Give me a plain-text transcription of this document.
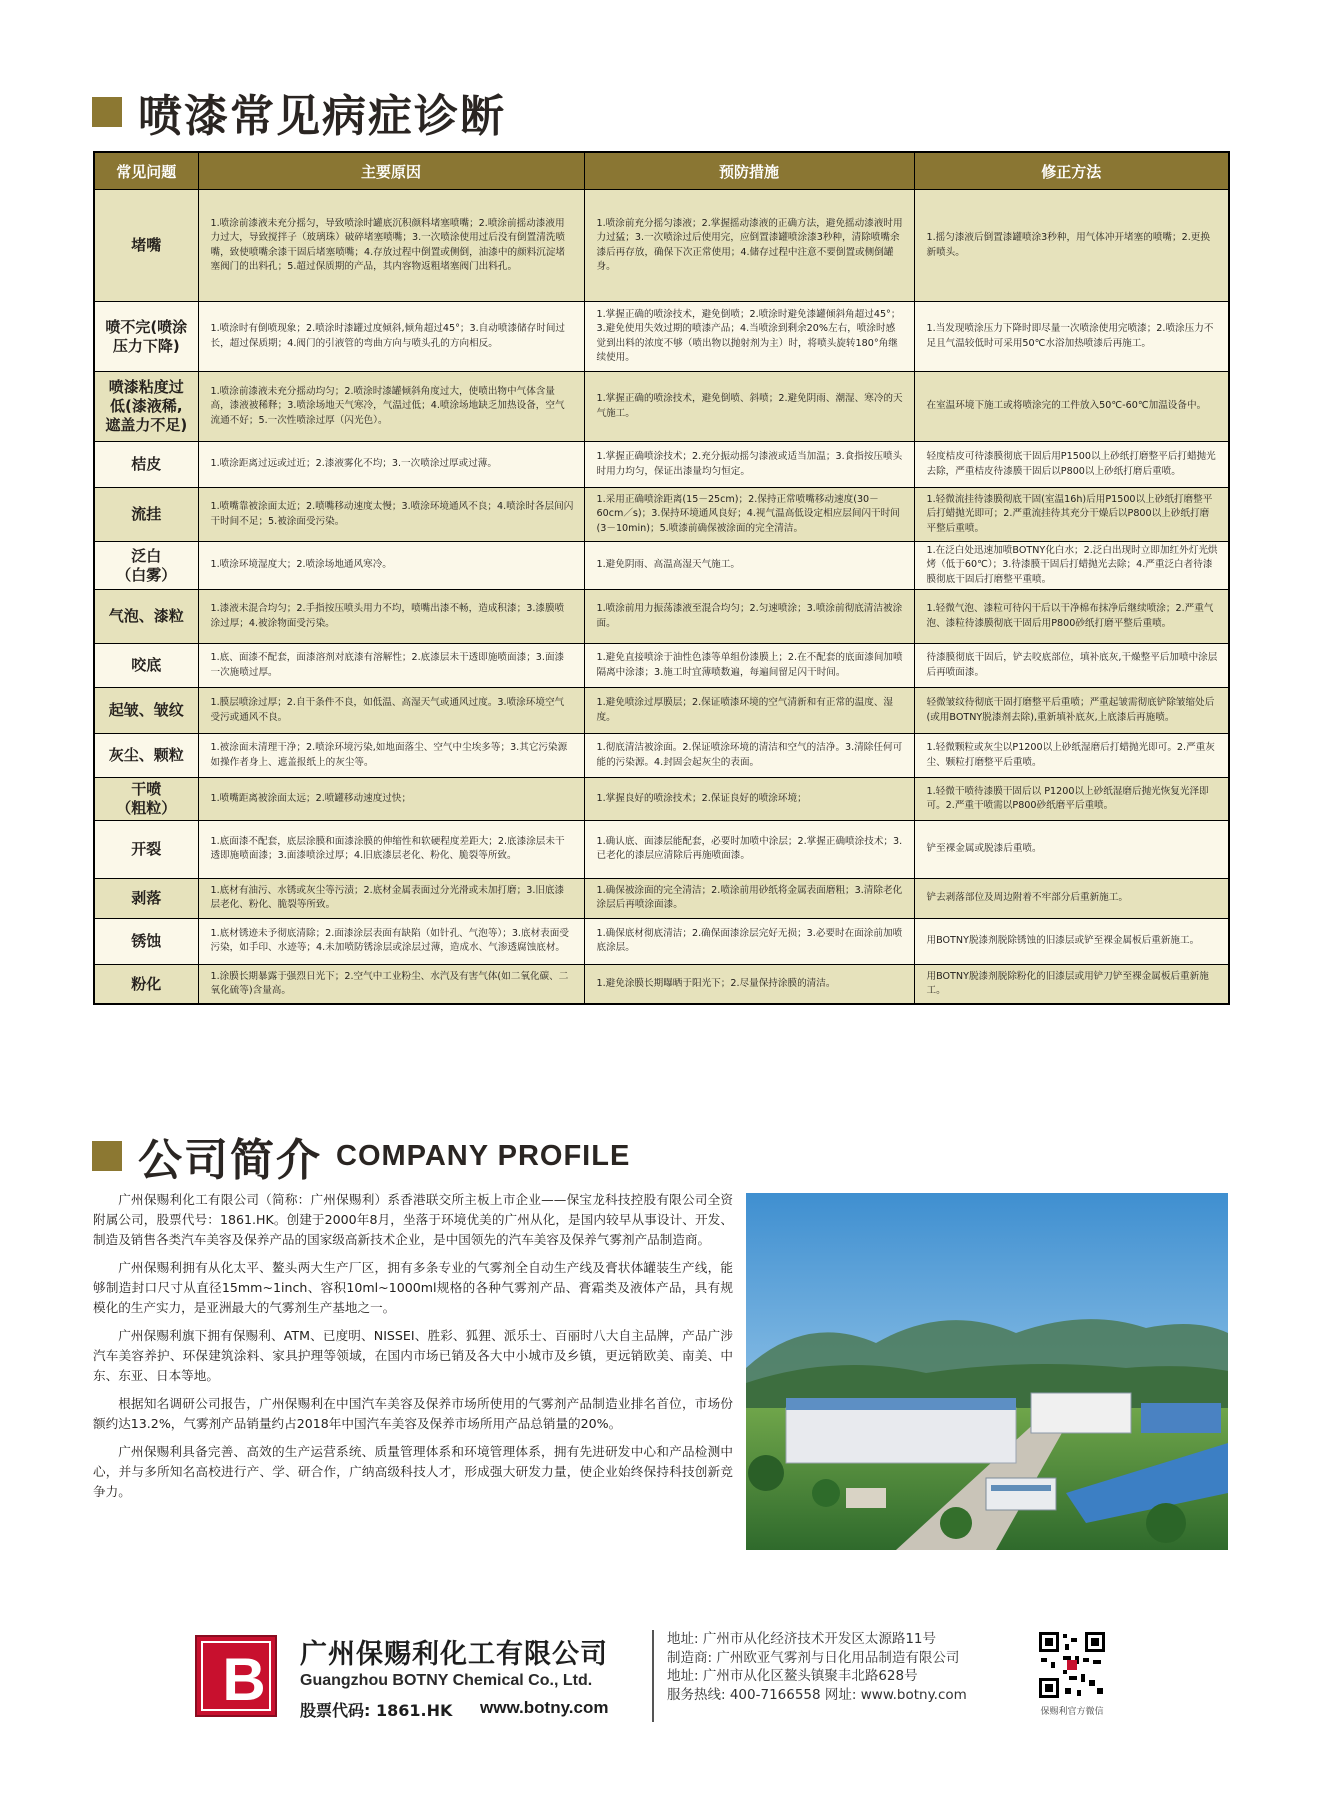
喷漆常见病症诊断
常见问题	主要原因	预防措施	修正方法
堵嘴	1.喷涂前漆液未充分摇匀，导致喷涂时罐底沉积颜料堵塞喷嘴；2.喷涂前摇动漆液用力过大，导致搅拌子（玻璃珠）破碎堵塞喷嘴；3.一次喷涂使用过后没有倒置清洗喷嘴，致使喷嘴余漆干固后堵塞喷嘴；4.存放过程中倒置或侧倒，油漆中的颜料沉淀堵塞阀门的出料孔；5.超过保质期的产品，其内容物返粗堵塞阀门出料孔。	1.喷涂前充分摇匀漆液；2.掌握摇动漆液的正确方法，避免摇动漆液时用力过猛；3.一次喷涂过后使用完，应倒置漆罐喷涂漆3秒种，清除喷嘴余漆后再存放，确保下次正常使用；4.储存过程中注意不要倒置或侧倒罐身。	1.摇匀漆液后倒置漆罐喷涂3秒种，用气体冲开堵塞的喷嘴；2.更换新喷头。
喷不完(喷涂
压力下降)	1.喷涂时有倒喷现象；2.喷涂时漆罐过度倾斜,倾角超过45°；3.自动喷漆储存时间过长，超过保质期；4.阀门的引液管的弯曲方向与喷头孔的方向相反。	1.掌握正确的喷涂技术，避免倒喷；2.喷涂时避免漆罐倾斜角超过45°；3.避免使用失效过期的喷漆产品；4.当喷涂到剩余20%左右，喷涂时感觉到出料的浓度不够（喷出物以抛射剂为主）时，将喷头旋转180°角继续使用。	1.当发现喷涂压力下降时即尽量一次喷涂使用完喷漆；2.喷涂压力不足且气温较低时可采用50℃水浴加热喷漆后再施工。
喷漆粘度过
低(漆液稀,
遮盖力不足)	1.喷涂前漆液未充分摇动均匀；2.喷涂时漆罐倾斜角度过大，使喷出物中气体含量高，漆液被稀释；3.喷涂场地天气寒冷，气温过低；4.喷涂场地缺乏加热设备，空气流通不好；5.一次性喷涂过厚（闪光色）。	1.掌握正确的喷涂技术，避免倒喷、斜喷；2.避免阴雨、潮湿、寒冷的天气施工。	在室温环境下施工或将喷涂完的工件放入50℃-60℃加温设备中。
桔皮	1.喷涂距离过远或过近；2.漆液雾化不均；3.一次喷涂过厚或过薄。	1.掌握正确喷涂技术；2.充分振动摇匀漆液或适当加温；3.食指按压喷头时用力均匀，保证出漆量均匀恒定。	轻度桔皮可待漆膜彻底干固后用P1500以上砂纸打磨整平后打蜡抛光去除，严重桔皮待漆膜干固后以P800以上砂纸打磨后重喷。
流挂	1.喷嘴靠被涂面太近；2.喷嘴移动速度太慢；3.喷涂环境通风不良；4.喷涂时各层间闪干时间不足；5.被涂面受污染。	1.采用正确喷涂距离(15－25cm)；2.保持正常喷嘴移动速度(30－60cm／s)；3.保持环境通风良好；4.视气温高低设定相应层间闪干时间(3－10min)；5.喷漆前确保被涂面的完全清洁。	1.轻微流挂待漆膜彻底干固(室温16h)后用P1500以上砂纸打磨整平后打蜡抛光即可；2.严重流挂待其充分干燥后以P800以上砂纸打磨平整后重喷。
泛白
（白雾）	1.喷涂环境湿度大；2.喷涂场地通风寒冷。	1.避免阴雨、高温高湿天气施工。	1.在泛白处迅速加喷BOTNY化白水；2.泛白出现时立即加红外灯光烘烤（低于60℃）；3.待漆膜干固后打蜡抛光去除；4.严重泛白者待漆膜彻底干固后打磨整平重喷。
气泡、漆粒	1.漆液未混合均匀；2.手指按压喷头用力不均，喷嘴出漆不畅，造成积漆；3.漆膜喷涂过厚；4.被涂物面受污染。	1.喷涂前用力振荡漆液至混合均匀；2.匀速喷涂；3.喷涂前彻底清洁被涂面。	1.轻微气泡、漆粒可待闪干后以干净棉布抹净后继续喷涂；2.严重气泡、漆粒待漆膜彻底干固后用P800砂纸打磨平整后重喷。
咬底	1.底、面漆不配套，面漆溶剂对底漆有溶解性；2.底漆层未干透即施喷面漆；3.面漆一次施喷过厚。	1.避免直接喷涂于油性色漆等单组份漆膜上；2.在不配套的底面漆间加喷隔离中涂漆；3.施工时宜薄喷数遍，每遍间留足闪干时间。	待漆膜彻底干固后，铲去咬底部位，填补底灰,干燥整平后加喷中涂层后再喷面漆。
起皱、皱纹	1.膜层喷涂过厚；2.自干条件不良，如低温、高湿天气或通风过度。3.喷涂环境空气受污或通风不良。	1.避免喷涂过厚膜层；2.保证喷漆环境的空气清新和有正常的温度、湿度。	轻微皱纹待彻底干固打磨整平后重喷；严重起皱需彻底铲除皱缩处后(或用BOTNY脱漆剂去除),重新填补底灰,上底漆后再施喷。
灰尘、颗粒	1.被涂面未清理干净；2.喷涂环境污染,如地面落尘、空气中尘埃多等；3.其它污染源如操作者身上、遮盖报纸上的灰尘等。	1.彻底清洁被涂面。2.保证喷涂环境的清洁和空气的洁净。3.清除任何可能的污染源。4.封固会起灰尘的表面。	1.轻微颗粒或灰尘以P1200以上砂纸湿磨后打蜡抛光即可。2.严重灰尘、颗粒打磨整平后重喷。
干喷
（粗粒）	1.喷嘴距离被涂面太远；2.喷罐移动速度过快；	1.掌握良好的喷涂技术；2.保证良好的喷涂环境；	1.轻微干喷待漆膜干固后以 P1200以上砂纸湿磨后抛光恢复光泽即可。2.严重干喷需以P800砂纸磨平后重喷。
开裂	1.底面漆不配套，底层涂膜和面漆涂膜的伸缩性和软硬程度差距大；2.底漆涂层未干透即施喷面漆；3.面漆喷涂过厚；4.旧底漆层老化、粉化、脆裂等所致。	1.确认底、面漆层能配套，必要时加喷中涂层；2.掌握正确喷涂技术；3.已老化的漆层应清除后再施喷面漆。	铲至裸金属或脱漆后重喷。
剥落	1.底材有油污、水锈或灰尘等污渍；2.底材金属表面过分光滑或未加打磨；3.旧底漆层老化、粉化、脆裂等所致。	1.确保被涂面的完全清洁；2.喷涂前用砂纸将金属表面磨粗；3.清除老化涂层后再喷涂面漆。	铲去剥落部位及周边附着不牢部分后重新施工。
锈蚀	1.底材锈迹未予彻底清除；2.面漆涂层表面有缺陷（如针孔、气泡等）；3.底材表面受污染，如手印、水迹等；4.未加喷防锈涂层或涂层过薄，造成水、气渗透腐蚀底材。	1.确保底材彻底清洁；2.确保面漆涂层完好无损；3.必要时在面涂前加喷底涂层。	用BOTNY脱漆剂脱除锈蚀的旧漆层或铲至裸金属板后重新施工。
粉化	1.涂膜长期暴露于强烈日光下；2.空气中工业粉尘、水汽及有害气体(如二氧化碳、二氧化硫等)含量高。	1.避免涂膜长期曝晒于阳光下；2.尽量保持涂膜的清洁。	用BOTNY脱漆剂脱除粉化的旧漆层或用铲刀铲至裸金属板后重新施工。
公司简介 COMPANY PROFILE

广州保赐利化工有限公司（简称：广州保赐利）系香港联交所主板上市企业——保宝龙科技控股有限公司全资附属公司，股票代号：1861.HK。创建于2000年8月，坐落于环境优美的广州从化，是国内较早从事设计、开发、制造及销售各类汽车美容及保养产品的国家级高新技术企业，是中国领先的汽车美容及保养气雾剂产品制造商。

广州保赐利拥有从化太平、鳌头两大生产厂区，拥有多条专业的气雾剂全自动生产线及膏状体罐装生产线，能够制造封口尺寸从直径15mm~1inch、容积10ml~1000ml规格的各种气雾剂产品、膏霜类及液体产品，具有规模化的生产实力，是亚洲最大的气雾剂生产基地之一。

广州保赐利旗下拥有保赐利、ATM、已度明、NISSEI、胜彩、狐狸、派乐士、百丽时八大自主品牌，产品广涉汽车美容养护、环保建筑涂料、家具护理等领域，在国内市场已销及各大中小城市及乡镇，更远销欧美、南美、中东、东亚、日本等地。

根据知名调研公司报告，广州保赐利在中国汽车美容及保养市场所使用的气雾剂产品制造业排名首位，市场份额约达13.2%，气雾剂产品销量约占2018年中国汽车美容及保养市场所用产品总销量的20%。

广州保赐利具备完善、高效的生产运营系统、质量管理体系和环境管理体系，拥有先进研发中心和产品检测中心，并与多所知名高校进行产、学、研合作，广纳高级科技人才，形成强大研发力量，使企业始终保持科技创新竞争力。

B 广州保赐利化工有限公司
Guangzhou BOTNY Chemical Co., Ltd.
股票代码: 1861.HK www.botny.com
地址: 广州市从化经济技术开发区太源路11号
制造商: 广州欧亚气雾剂与日化用品制造有限公司
地址: 广州市从化区鳌头镇聚丰北路628号
服务热线: 400-7166558 网址: www.botny.com
保赐利官方微信
